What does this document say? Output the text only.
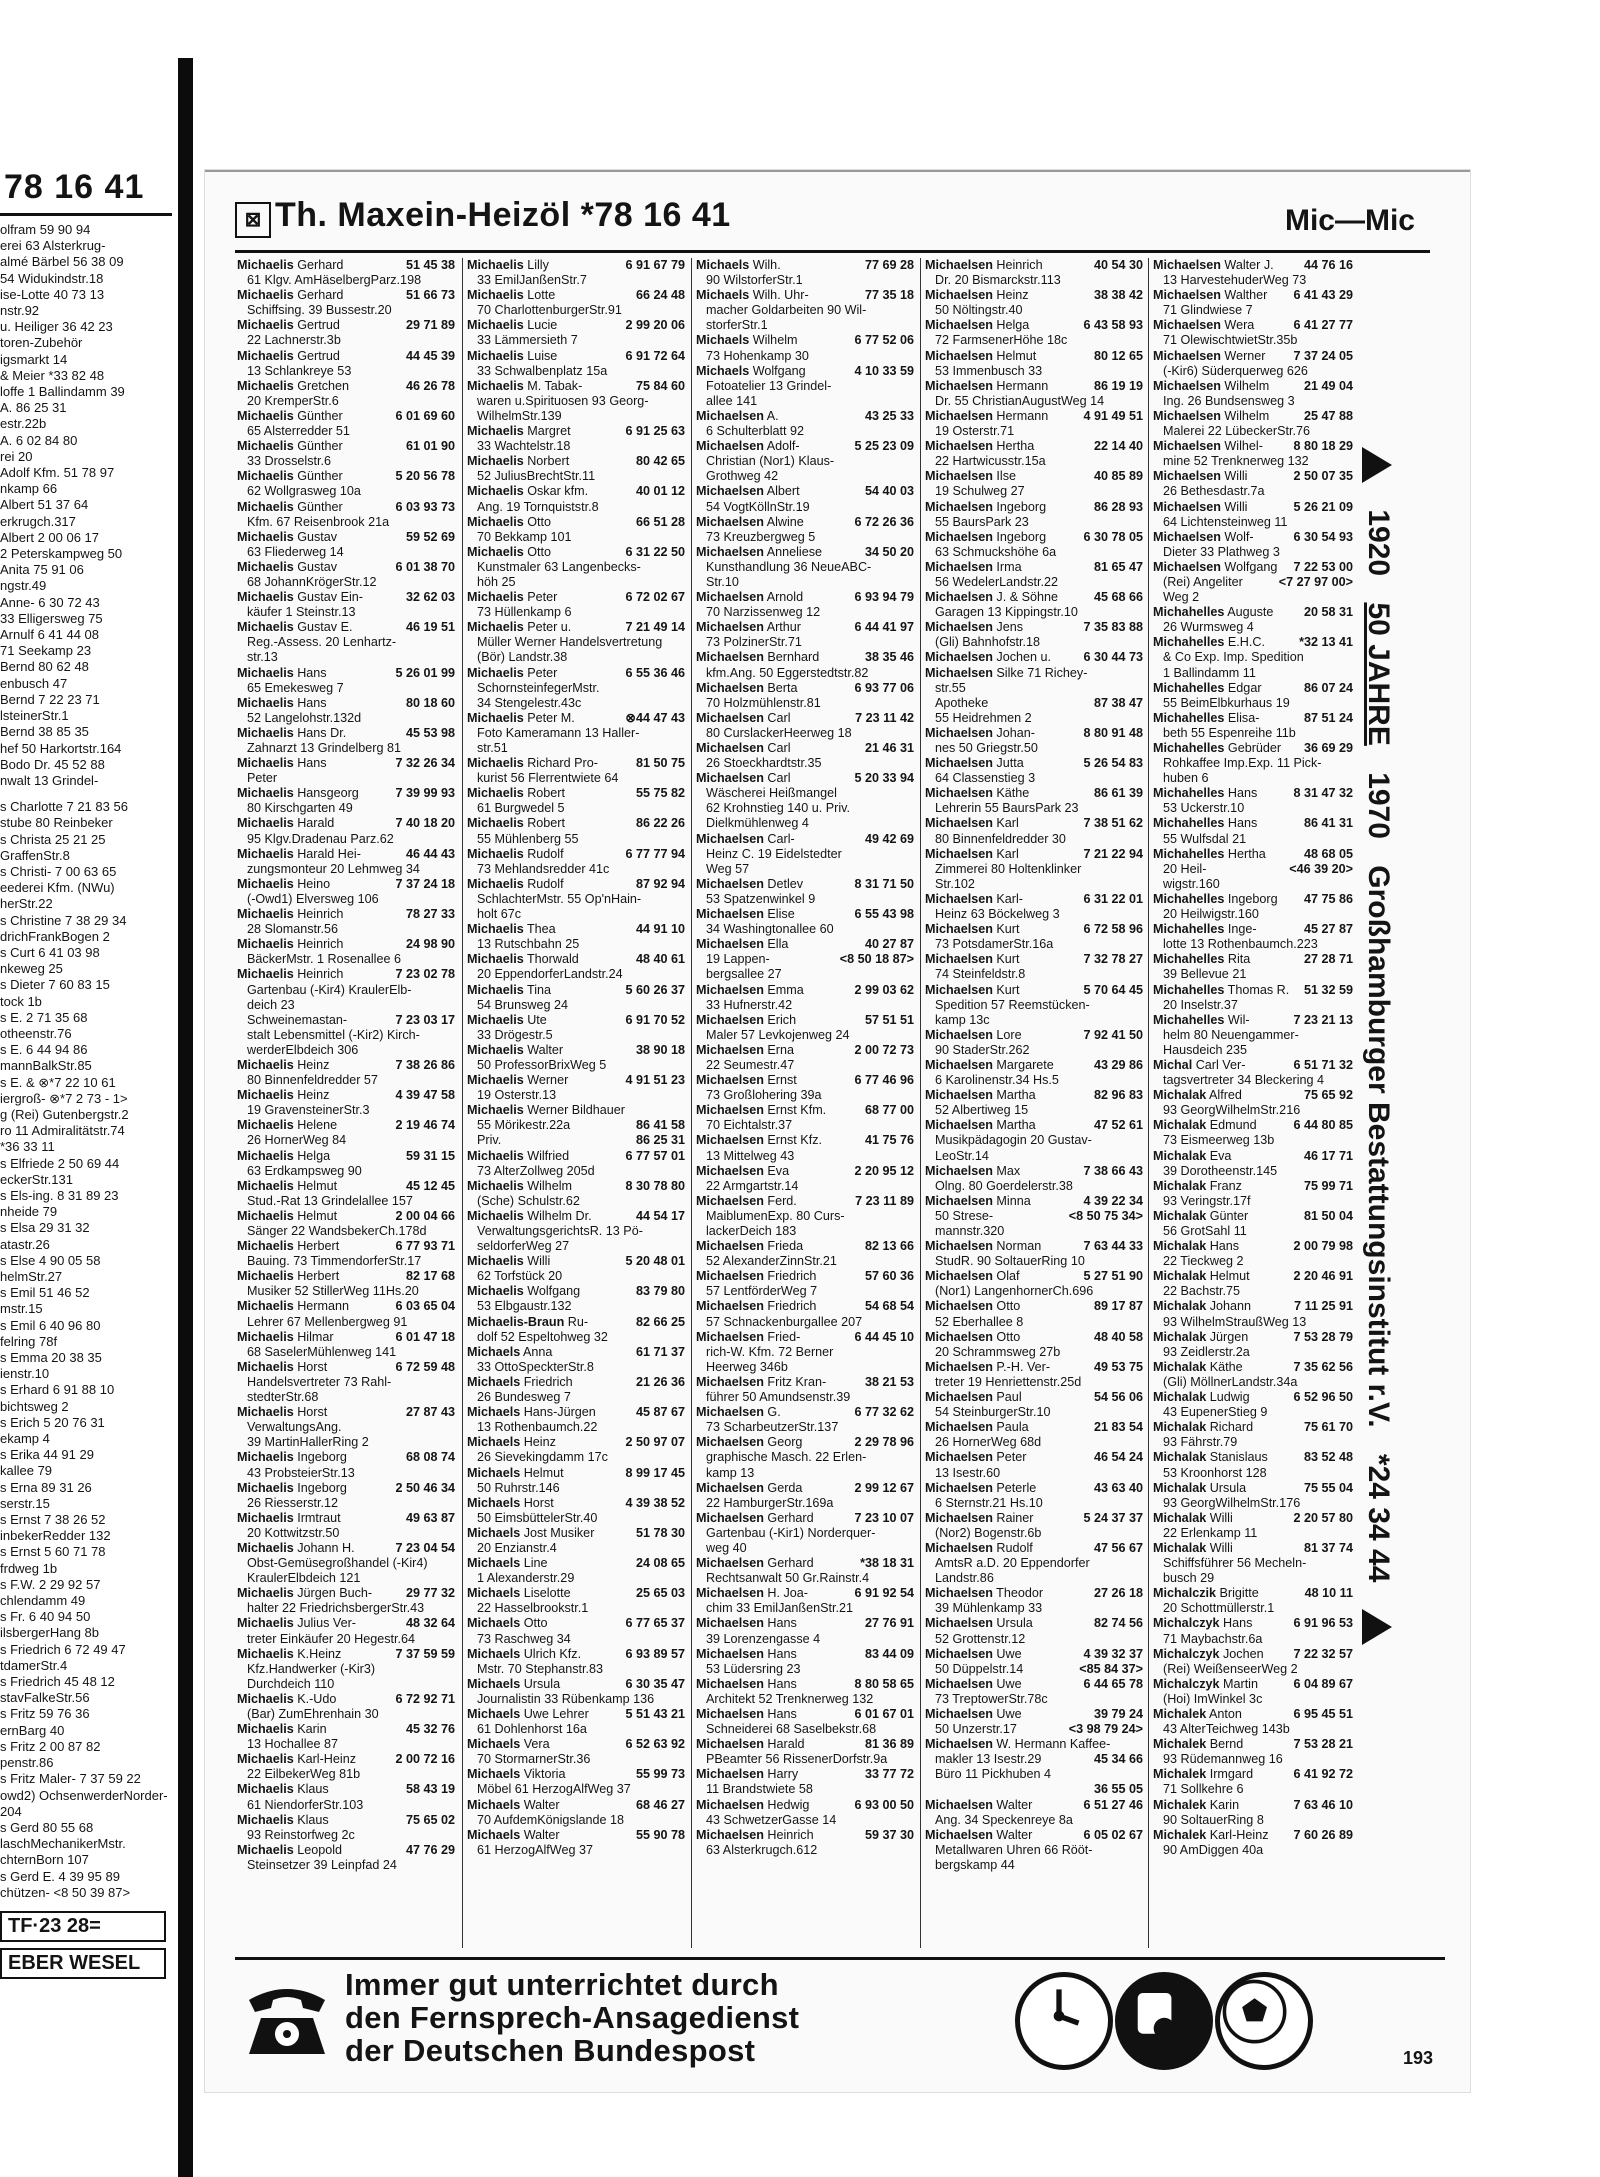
78 16 41
olfram 59 90 94
erei 63 Alsterkrug-
almé Bärbel 56 38 09
54 Widukindstr.18
ise-Lotte 40 73 13
nstr.92
u. Heiliger 36 42 23
toren-Zubehör
igsmarkt 14
& Meier *33 82 48
loffe 1 Ballindamm 39
A. 86 25 31
estr.22b
A. 6 02 84 80
rei 20
Adolf Kfm. 51 78 97
nkamp 66
Albert 51 37 64
erkrugch.317
Albert 2 00 06 17
2 Peterskampweg 50
Anita 75 91 06
ngstr.49
Anne- 6 30 72 43
33 Elligersweg 75
Arnulf 6 41 44 08
71 Seekamp 23
Bernd 80 62 48
enbusch 47
Bernd 7 22 23 71
lsteinerStr.1
Bernd 38 85 35
hef 50 Harkortstr.164
Bodo Dr. 45 52 88
nwalt 13 Grindel-
s Charlotte 7 21 83 56
stube 80 Reinbeker
s Christa 25 21 25
GraffenStr.8
s Christi- 7 00 63 65
eederei Kfm. (NWu)
herStr.22
s Christine 7 38 29 34
drichFrankBogen 2
s Curt 6 41 03 98
nkeweg 25
s Dieter 7 60 83 15
tock 1b
s E. 2 71 35 68
otheenstr.76
s E. 6 44 94 86
mannBalkStr.85
s E. & ⊗*7 22 10 61
iergroß- ⊗*7 2 73 - 1>
g (Rei) Gutenbergstr.2
ro 11 Admiralitätstr.74
*36 33 11
s Elfriede 2 50 69 44
eckerStr.131
s Els-ing. 8 31 89 23
nheide 79
s Elsa 29 31 32
atastr.26
s Else 4 90 05 58
helmStr.27
s Emil 51 46 52
mstr.15
s Emil 6 40 96 80
felring 78f
s Emma 20 38 35
ienstr.10
s Erhard 6 91 88 10
bichtsweg 2
s Erich 5 20 76 31
ekamp 4
s Erika 44 91 29
kallee 79
s Erna 89 31 26
serstr.15
s Ernst 7 38 26 52
inbekerRedder 132
s Ernst 5 60 71 78
frdweg 1b
s F.W. 2 29 92 57
chlendamm 49
s Fr. 6 40 94 50
ilsbergerHang 8b
s Friedrich 6 72 49 47
tdamerStr.4
s Friedrich 45 48 12
stavFalkeStr.56
s Fritz 59 76 36
ernBarg 40
s Fritz 2 00 87 82
penstr.86
s Fritz Maler- 7 37 59 22
owd2) OchsenwerderNorder-
204
s Gerd 80 55 68
laschMechanikerMstr.
chternBorn 107
s Gerd E. 4 39 95 89
chützen- <8 50 39 87>
TF·23 28=
EBER WESEL
⊠ Th. Maxein-Heizöl *78 16 41	Mic—Mic
51 45 38
Michaelis Gerhard
61 Klgv. AmHäselbergParz.198
51 66 73
Michaelis Gerhard
Schiffsing. 39 Bussestr.20
29 71 89
Michaelis Gertrud
22 Lachnerstr.3b
44 45 39
Michaelis Gertrud
13 Schlankreye 53
46 26 78
Michaelis Gretchen
20 KremperStr.6
6 01 69 60
Michaelis Günther
65 Alsterredder 51
61 01 90
Michaelis Günther
33 Drosselstr.6
5 20 56 78
Michaelis Günther
62 Wollgrasweg 10a
6 03 93 73
Michaelis Günther
Kfm. 67 Reisenbrook 21a
59 52 69
Michaelis Gustav
63 Fliederweg 14
6 01 38 70
Michaelis Gustav
68 JohannKrögerStr.12
32 62 03
Michaelis Gustav Ein-
käufer 1 Steinstr.13
46 19 51
Michaelis Gustav E.
Reg.-Assess. 20 Lenhartz-
str.13
5 26 01 99
Michaelis Hans
65 Emekesweg 7
80 18 60
Michaelis Hans
52 Langelohstr.132d
45 53 98
Michaelis Hans Dr.
Zahnarzt 13 Grindelberg 81
7 32 26 34
Michaelis Hans
Peter
7 39 99 93
Michaelis Hansgeorg
80 Kirschgarten 49
7 40 18 20
Michaelis Harald
95 Klgv.Dradenau Parz.62
46 44 43
Michaelis Harald Hei-
zungsmonteur 20 Lehmweg 34
7 37 24 18
Michaelis Heino
(-Owd1) Elversweg 106
78 27 33
Michaelis Heinrich
28 Slomanstr.56
24 98 90
Michaelis Heinrich
BäckerMstr. 1 Rosenallee 6
7 23 02 78
Michaelis Heinrich
Gartenbau (-Kir4) KraulerElb-
deich 23
7 23 03 17
Schweinemastan-
stalt Lebensmittel (-Kir2) Kirch-
werderElbdeich 306
7 38 26 86
Michaelis Heinz
80 Binnenfeldredder 57
4 39 47 58
Michaelis Heinz
19 GravensteinerStr.3
2 19 46 74
Michaelis Helene
26 HornerWeg 84
59 31 15
Michaelis Helga
63 Erdkampsweg 90
45 12 45
Michaelis Helmut
Stud.-Rat 13 Grindelallee 157
2 00 04 66
Michaelis Helmut
Sänger 22 WandsbekerCh.178d
6 77 93 71
Michaelis Herbert
Bauing. 73 TimmendorferStr.17
82 17 68
Michaelis Herbert
Musiker 52 StillerWeg 11Hs.20
6 03 65 04
Michaelis Hermann
Lehrer 67 Mellenbergweg 91
6 01 47 18
Michaelis Hilmar
68 SaselerMühlenweg 141
6 72 59 48
Michaelis Horst
Handelsvertreter 73 Rahl-
stedterStr.68
27 87 43
Michaelis Horst
VerwaltungsAng.
39 MartinHallerRing 2
68 08 74
Michaelis Ingeborg
43 ProbsteierStr.13
2 50 46 34
Michaelis Ingeborg
26 Riesserstr.12
49 63 87
Michaelis Irmtraut
20 Kottwitzstr.50
7 23 04 54
Michaelis Johann H.
Obst-Gemüsegroßhandel (-Kir4)
KraulerElbdeich 121
29 77 32
Michaelis Jürgen Buch-
halter 22 FriedrichsbergerStr.43
48 32 64
Michaelis Julius Ver-
treter Einkäufer 20 Hegestr.64
7 37 59 59
Michaelis K.Heinz
Kfz.Handwerker (-Kir3)
Durchdeich 110
6 72 92 71
Michaelis K.-Udo
(Bar) ZumEhrenhain 30
45 32 76
Michaelis Karin
13 Hochallee 87
2 00 72 16
Michaelis Karl-Heinz
22 EilbekerWeg 81b
58 43 19
Michaelis Klaus
61 NiendorferStr.103
75 65 02
Michaelis Klaus
93 Reinstorfweg 2c
47 76 29
Michaelis Leopold
Steinsetzer 39 Leinpfad 24
6 91 67 79
Michaelis Lilly
33 EmilJanßenStr.7
66 24 48
Michaelis Lotte
70 CharlottenburgerStr.91
2 99 20 06
Michaelis Lucie
33 Lämmersieth 7
6 91 72 64
Michaelis Luise
33 Schwalbenplatz 15a
75 84 60
Michaelis M. Tabak-
waren u.Spirituosen 93 Georg-
WilhelmStr.139
6 91 25 63
Michaelis Margret
33 Wachtelstr.18
80 42 65
Michaelis Norbert
52 JuliusBrechtStr.11
40 01 12
Michaelis Oskar kfm.
Ang. 19 Tornquiststr.8
66 51 28
Michaelis Otto
70 Bekkamp 101
6 31 22 50
Michaelis Otto
Kunstmaler 63 Langenbecks-
höh 25
6 72 02 67
Michaelis Peter
73 Hüllenkamp 6
7 21 49 14
Michaelis Peter u.
Müller Werner Handelsvertretung
(Bör) Landstr.38
6 55 36 46
Michaelis Peter
SchornsteinfegerMstr.
34 Stengelestr.43c
⊗44 47 43
Michaelis Peter M.
Foto Kameramann 13 Haller-
str.51
81 50 75
Michaelis Richard Pro-
kurist 56 Flerrentwiete 64
55 75 82
Michaelis Robert
61 Burgwedel 5
86 22 26
Michaelis Robert
55 Mühlenberg 55
6 77 77 94
Michaelis Rudolf
73 Mehlandsredder 41c
87 92 94
Michaelis Rudolf
SchlachterMstr. 55 Op'nHain-
holt 67c
44 91 10
Michaelis Thea
13 Rutschbahn 25
48 40 61
Michaelis Thorwald
20 EppendorferLandstr.24
5 60 26 37
Michaelis Tina
54 Brunsweg 24
6 91 70 52
Michaelis Ute
33 Drögestr.5
38 90 18
Michaelis Walter
50 ProfessorBrixWeg 5
4 91 51 23
Michaelis Werner
19 Osterstr.13
Michaelis Werner Bildhauer
86 41 58
55 Mörikestr.22a
86 25 31
Priv.
6 77 57 01
Michaelis Wilfried
73 AlterZollweg 205d
8 30 78 80
Michaelis Wilhelm
(Sche) Schulstr.62
44 54 17
Michaelis Wilhelm Dr.
VerwaltungsgerichtsR. 13 Pö-
seldorferWeg 27
5 20 48 01
Michaelis Willi
62 Torfstück 20
83 79 80
Michaelis Wolfgang
53 Elbgaustr.132
82 66 25
Michaelis-Braun Ru-
dolf 52 Espeltohweg 32
61 71 37
Michaels Anna
33 OttoSpeckterStr.8
21 26 36
Michaels Friedrich
26 Bundesweg 7
45 87 67
Michaels Hans-Jürgen
13 Rothenbaumch.22
2 50 97 07
Michaels Heinz
26 Sievekingdamm 17c
8 99 17 45
Michaels Helmut
50 Ruhrstr.146
4 39 38 52
Michaels Horst
50 EimsbüttelerStr.40
51 78 30
Michaels Jost Musiker
20 Enzianstr.4
24 08 65
Michaels Line
1 Alexanderstr.29
25 65 03
Michaels Liselotte
22 Hasselbrookstr.1
6 77 65 37
Michaels Otto
73 Raschweg 34
6 93 89 57
Michaels Ulrich Kfz.
Mstr. 70 Stephanstr.83
6 30 35 47
Michaels Ursula
Journalistin 33 Rübenkamp 136
5 51 43 21
Michaels Uwe Lehrer
61 Dohlenhorst 16a
6 52 63 92
Michaels Vera
70 StormarnerStr.36
55 99 73
Michaels Viktoria
Möbel 61 HerzogAlfWeg 37
68 46 27
Michaels Walter
70 AufdemKönigslande 18
55 90 78
Michaels Walter
61 HerzogAlfWeg 37
77 69 28
Michaels Wilh.
90 WilstorferStr.1
77 35 18
Michaels Wilh. Uhr-
macher Goldarbeiten 90 Wil-
storferStr.1
6 77 52 06
Michaels Wilhelm
73 Hohenkamp 30
4 10 33 59
Michaels Wolfgang
Fotoatelier 13 Grindel-
allee 141
43 25 33
Michaelsen A.
6 Schulterblatt 92
5 25 23 09
Michaelsen Adolf-
Christian (Nor1) Klaus-
Grothweg 42
54 40 03
Michaelsen Albert
54 VogtKöllnStr.19
6 72 26 36
Michaelsen Alwine
73 Kreuzbergweg 5
34 50 20
Michaelsen Anneliese
Kunsthandlung 36 NeueABC-
Str.10
6 93 94 79
Michaelsen Arnold
70 Narzissenweg 12
6 44 41 97
Michaelsen Arthur
73 PolzinerStr.71
38 35 46
Michaelsen Bernhard
kfm.Ang. 50 Eggerstedtstr.82
6 93 77 06
Michaelsen Berta
70 Holzmühlenstr.81
7 23 11 42
Michaelsen Carl
80 CurslackerHeerweg 18
21 46 31
Michaelsen Carl
26 Stoeckhardtstr.35
5 20 33 94
Michaelsen Carl
Wäscherei Heißmangel
62 Krohnstieg 140 u. Priv.
Dielkmühlenweg 4
49 42 69
Michaelsen Carl-
Heinz C. 19 Eidelstedter
Weg 57
8 31 71 50
Michaelsen Detlev
53 Spatzenwinkel 9
6 55 43 98
Michaelsen Elise
34 Washingtonallee 60
40 27 87
Michaelsen Ella
<8 50 18 87>
19 Lappen-
bergsallee 27
2 99 03 62
Michaelsen Emma
33 Hufnerstr.42
57 51 51
Michaelsen Erich
Maler 57 Levkojenweg 24
2 00 72 73
Michaelsen Erna
22 Seumestr.47
6 77 46 96
Michaelsen Ernst
73 Großlohering 39a
68 77 00
Michaelsen Ernst Kfm.
70 Eichtalstr.37
41 75 76
Michaelsen Ernst Kfz.
13 Mittelweg 43
2 20 95 12
Michaelsen Eva
22 Armgartstr.14
7 23 11 89
Michaelsen Ferd.
MaiblumenExp. 80 Curs-
lackerDeich 183
82 13 66
Michaelsen Frieda
52 AlexanderZinnStr.21
57 60 36
Michaelsen Friedrich
57 LentförderWeg 7
54 68 54
Michaelsen Friedrich
57 Schnackenburgallee 207
6 44 45 10
Michaelsen Fried-
rich-W. Kfm. 72 Berner
Heerweg 346b
38 21 53
Michaelsen Fritz Kran-
führer 50 Amundsenstr.39
6 77 32 62
Michaelsen G.
73 ScharbeutzerStr.137
2 29 78 96
Michaelsen Georg
graphische Masch. 22 Erlen-
kamp 13
2 99 12 67
Michaelsen Gerda
22 HamburgerStr.169a
7 23 10 07
Michaelsen Gerhard
Gartenbau (-Kir1) Norderquer-
weg 40
*38 18 31
Michaelsen Gerhard
Rechtsanwalt 50 Gr.Rainstr.4
6 91 92 54
Michaelsen H. Joa-
chim 33 EmilJanßenStr.21
27 76 91
Michaelsen Hans
39 Lorenzengasse 4
83 44 09
Michaelsen Hans
53 Lüdersring 23
8 80 58 65
Michaelsen Hans
Architekt 52 Trenknerweg 132
6 01 67 01
Michaelsen Hans
Schneiderei 68 Saselbekstr.68
81 36 89
Michaelsen Harald
PBeamter 56 RissenerDorfstr.9a
33 77 72
Michaelsen Harry
11 Brandstwiete 58
6 93 00 50
Michaelsen Hedwig
43 SchwetzerGasse 14
59 37 30
Michaelsen Heinrich
63 Alsterkrugch.612
40 54 30
Michaelsen Heinrich
Dr. 20 Bismarckstr.113
38 38 42
Michaelsen Heinz
50 Nöltingstr.40
6 43 58 93
Michaelsen Helga
72 FarmsenerHöhe 18c
80 12 65
Michaelsen Helmut
53 Immenbusch 33
86 19 19
Michaelsen Hermann
Dr. 55 ChristianAugustWeg 14
4 91 49 51
Michaelsen Hermann
19 Osterstr.71
22 14 40
Michaelsen Hertha
22 Hartwicusstr.15a
40 85 89
Michaelsen Ilse
19 Schulweg 27
86 28 93
Michaelsen Ingeborg
55 BaursPark 23
6 30 78 05
Michaelsen Ingeborg
63 Schmuckshöhe 6a
81 65 47
Michaelsen Irma
56 WedelerLandstr.22
45 68 66
Michaelsen J. & Söhne
Garagen 13 Kippingstr.10
7 35 83 88
Michaelsen Jens
(Gli) Bahnhofstr.18
6 30 44 73
Michaelsen Jochen u.
Michaelsen Silke 71 Richey-
str.55
87 38 47
Apotheke
55 Heidrehmen 2
8 80 91 48
Michaelsen Johan-
nes 50 Griegstr.50
5 26 54 83
Michaelsen Jutta
64 Classenstieg 3
86 61 39
Michaelsen Käthe
Lehrerin 55 BaursPark 23
7 38 51 62
Michaelsen Karl
80 Binnenfeldredder 30
7 21 22 94
Michaelsen Karl
Zimmerei 80 Holtenklinker
Str.102
6 31 22 01
Michaelsen Karl-
Heinz 63 Böckelweg 3
6 72 58 96
Michaelsen Kurt
73 PotsdamerStr.16a
7 32 78 27
Michaelsen Kurt
74 Steinfeldstr.8
5 70 64 45
Michaelsen Kurt
Spedition 57 Reemstücken-
kamp 13c
7 92 41 50
Michaelsen Lore
90 StaderStr.262
43 29 86
Michaelsen Margarete
6 Karolinenstr.34 Hs.5
82 96 83
Michaelsen Martha
52 Albertiweg 15
47 52 61
Michaelsen Martha
Musikpädagogin 20 Gustav-
LeoStr.14
7 38 66 43
Michaelsen Max
Olng. 80 Goerdelerstr.38
4 39 22 34
Michaelsen Minna
<8 50 75 34>
50 Strese-
mannstr.320
7 63 44 33
Michaelsen Norman
StudR. 90 SoltauerRing 10
5 27 51 90
Michaelsen Olaf
(Nor1) LangenhornerCh.696
89 17 87
Michaelsen Otto
52 Eberhallee 8
48 40 58
Michaelsen Otto
20 Schrammsweg 27b
49 53 75
Michaelsen P.-H. Ver-
treter 19 Henriettenstr.25d
54 56 06
Michaelsen Paul
54 SteinburgerStr.10
21 83 54
Michaelsen Paula
26 HornerWeg 68d
46 54 24
Michaelsen Peter
13 Isestr.60
43 63 40
Michaelsen Peterle
6 Sternstr.21 Hs.10
5 24 37 37
Michaelsen Rainer
(Nor2) Bogenstr.6b
47 56 67
Michaelsen Rudolf
AmtsR a.D. 20 Eppendorfer
Landstr.86
27 26 18
Michaelsen Theodor
39 Mühlenkamp 33
82 74 56
Michaelsen Ursula
52 Grottenstr.12
4 39 32 37
Michaelsen Uwe
<85 84 37>
50 Düppelstr.14
6 44 65 78
Michaelsen Uwe
73 TreptowerStr.78c
39 79 24
Michaelsen Uwe
<3 98 79 24>
50 Unzerstr.17
Michaelsen W. Hermann Kaffee-
45 34 66
makler 13 Isestr.29
Büro 11 Pickhuben 4
36 55 05
6 51 27 46
Michaelsen Walter
Ang. 34 Speckenreye 8a
6 05 02 67
Michaelsen Walter
Metallwaren Uhren 66 Rööt-
bergskamp 44
44 76 16
Michaelsen Walter J.
13 HarvestehuderWeg 73
6 41 43 29
Michaelsen Walther
71 Glindwiese 7
6 41 27 77
Michaelsen Wera
71 OlewischtwietStr.35b
7 37 24 05
Michaelsen Werner
(-Kir6) Süderquerweg 626
21 49 04
Michaelsen Wilhelm
Ing. 26 Bundsensweg 3
25 47 88
Michaelsen Wilhelm
Malerei 22 LübeckerStr.76
8 80 18 29
Michaelsen Wilhel-
mine 52 Trenknerweg 132
2 50 07 35
Michaelsen Willi
26 Bethesdastr.7a
5 26 21 09
Michaelsen Willi
64 Lichtensteinweg 11
6 30 54 93
Michaelsen Wolf-
Dieter 33 Plathweg 3
7 22 53 00
Michaelsen Wolfgang
<7 27 97 00>
(Rei) Angeliter
Weg 2
20 58 31
Michahelles Auguste
26 Wurmsweg 4
*32 13 41
Michahelles E.H.C.
& Co Exp. Imp. Spedition
1 Ballindamm 11
86 07 24
Michahelles Edgar
55 BeimElbkurhaus 19
87 51 24
Michahelles Elisa-
beth 55 Espenreihe 11b
36 69 29
Michahelles Gebrüder
Rohkaffee Imp.Exp. 11 Pick-
huben 6
8 31 47 32
Michahelles Hans
53 Uckerstr.10
86 41 31
Michahelles Hans
55 Wulfsdal 21
48 68 05
Michahelles Hertha
<46 39 20>
20 Heil-
wigstr.160
47 75 86
Michahelles Ingeborg
20 Heilwigstr.160
45 27 87
Michahelles Inge-
lotte 13 Rothenbaumch.223
27 28 71
Michahelles Rita
39 Bellevue 21
51 32 59
Michahelles Thomas R.
20 Inselstr.37
7 23 21 13
Michahelles Wil-
helm 80 Neuengammer-
Hausdeich 235
6 51 71 32
Michal Carl Ver-
tagsvertreter 34 Bleckering 4
75 65 92
Michalak Alfred
93 GeorgWilhelmStr.216
6 44 80 85
Michalak Edmund
73 Eismeerweg 13b
46 17 71
Michalak Eva
39 Dorotheenstr.145
75 99 71
Michalak Franz
93 Veringstr.17f
81 50 04
Michalak Günter
56 GrotSahl 11
2 00 79 98
Michalak Hans
22 Tieckweg 2
2 20 46 91
Michalak Helmut
22 Bachstr.75
7 11 25 91
Michalak Johann
93 WilhelmStraußWeg 13
7 53 28 79
Michalak Jürgen
93 Zeidlerstr.2a
7 35 62 56
Michalak Käthe
(Gli) MöllnerLandstr.34a
6 52 96 50
Michalak Ludwig
43 EupenerStieg 9
75 61 70
Michalak Richard
93 Fährstr.79
83 52 48
Michalak Stanislaus
53 Kroonhorst 128
75 55 04
Michalak Ursula
93 GeorgWilhelmStr.176
2 20 57 80
Michalak Willi
22 Erlenkamp 11
81 37 74
Michalak Willi
Schiffsführer 56 Mecheln-
busch 29
48 10 11
Michalczik Brigitte
20 Schottmüllerstr.1
6 91 96 53
Michalczyk Hans
71 Maybachstr.6a
7 22 32 57
Michalczyk Jochen
(Rei) WeißenseerWeg 2
6 04 89 67
Michalczyk Martin
(Hoi) ImWinkel 3c
6 95 45 51
Michalek Anton
43 AlterTeichweg 143b
7 53 28 21
Michalek Bernd
93 Rüdemannweg 16
6 41 92 72
Michalek Irmgard
71 Sollkehre 6
7 63 46 10
Michalek Karin
90 SoltauerRing 8
7 60 26 89
Michalek Karl-Heinz
90 AmDiggen 40a
1920 50 JAHRE 1970 Großhamburger Bestattungsinstitut r.V. *24 34 44
Immer gut unterrichtet durch
den Fernsprech-Ansagedienst
der Deutschen Bundespost	193
